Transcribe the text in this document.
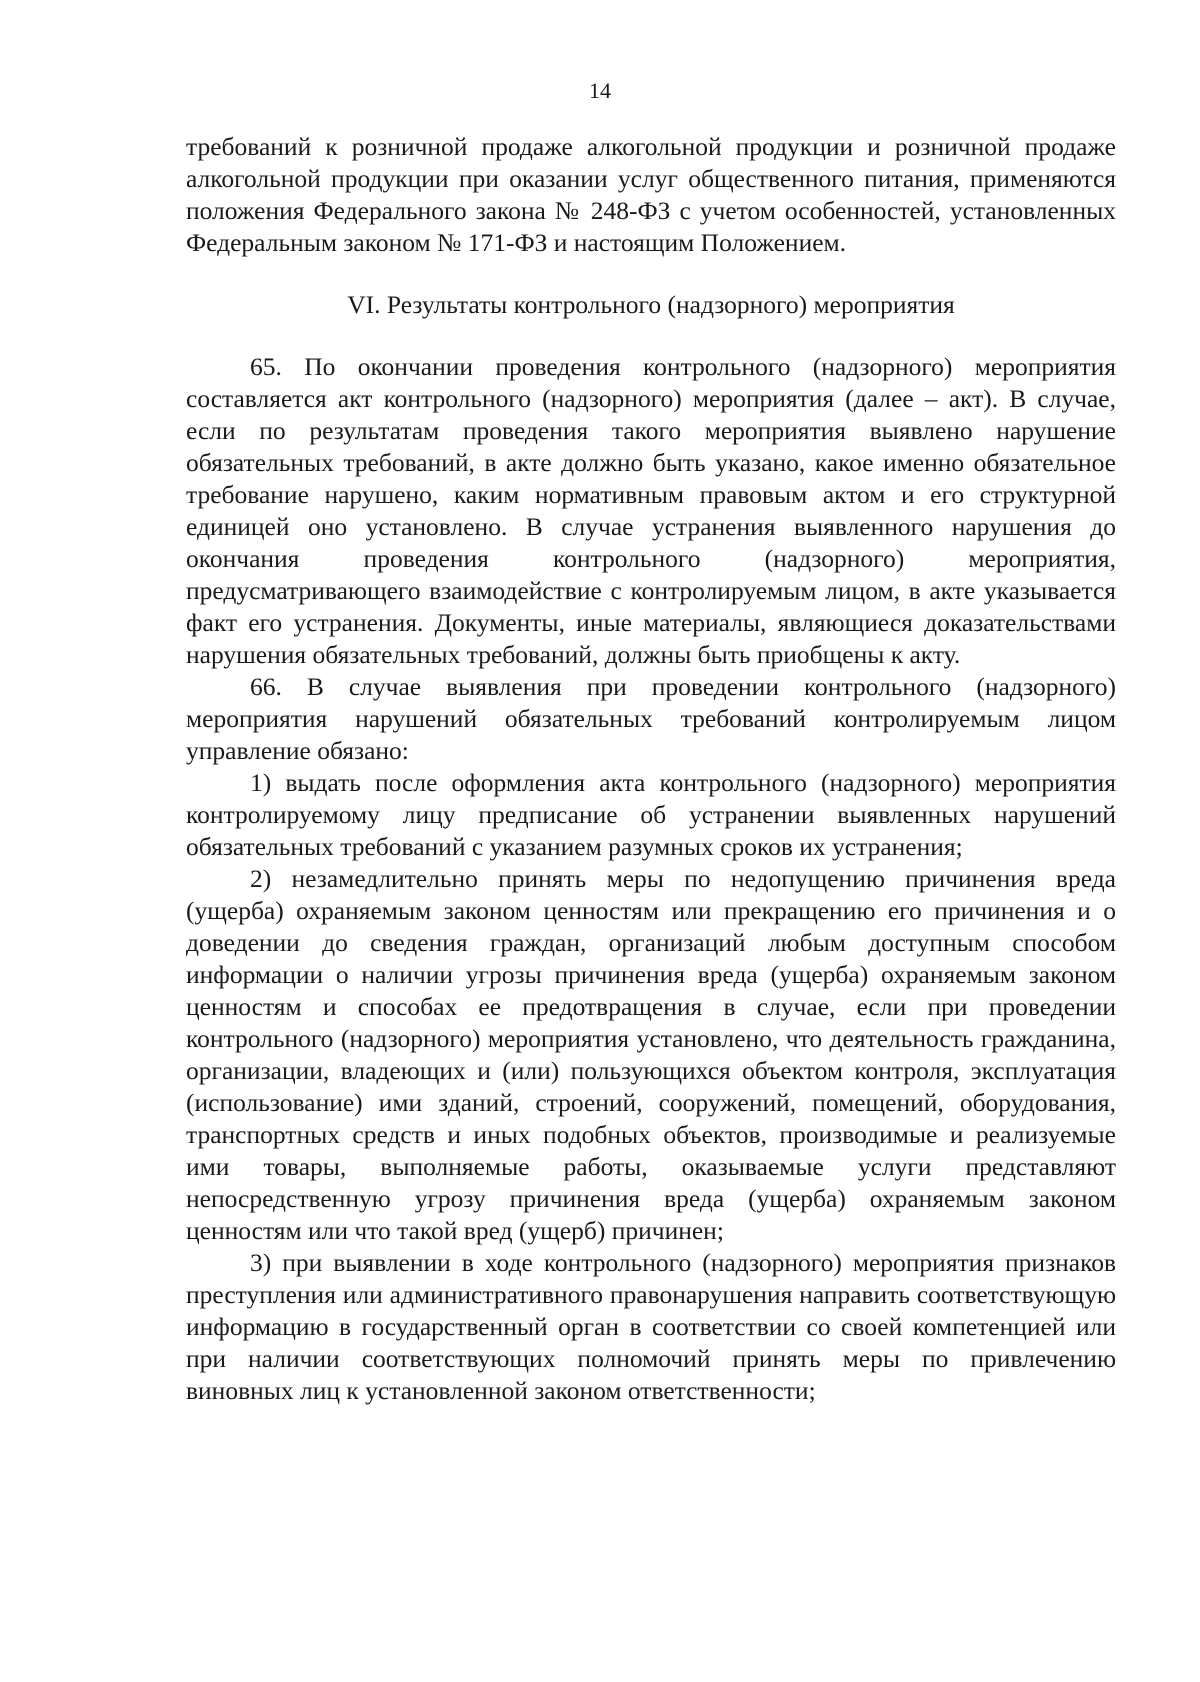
14

требований к розничной продаже алкогольной продукции и розничной продаже алкогольной продукции при оказании услуг общественного питания, применяются положения Федерального закона № 248-ФЗ с учетом особенностей, установленных Федеральным законом № 171-ФЗ и настоящим Положением.

VI. Результаты контрольного (надзорного) мероприятия

65. По окончании проведения контрольного (надзорного) мероприятия составляется акт контрольного (надзорного) мероприятия (далее – акт). В случае, если по результатам проведения такого мероприятия выявлено нарушение обязательных требований, в акте должно быть указано, какое именно обязательное требование нарушено, каким нормативным правовым актом и его структурной единицей оно установлено. В случае устранения выявленного нарушения до окончания проведения контрольного (надзорного) мероприятия, предусматривающего взаимодействие с контролируемым лицом, в акте указывается факт его устранения. Документы, иные материалы, являющиеся доказательствами нарушения обязательных требований, должны быть приобщены к акту.

66. В случае выявления при проведении контрольного (надзорного) мероприятия нарушений обязательных требований контролируемым лицом управление обязано:

1) выдать после оформления акта контрольного (надзорного) мероприятия контролируемому лицу предписание об устранении выявленных нарушений обязательных требований с указанием разумных сроков их устранения;

2) незамедлительно принять меры по недопущению причинения вреда (ущерба) охраняемым законом ценностям или прекращению его причинения и о доведении до сведения граждан, организаций любым доступным способом информации о наличии угрозы причинения вреда (ущерба) охраняемым законом ценностям и способах ее предотвращения в случае, если при проведении контрольного (надзорного) мероприятия установлено, что деятельность гражданина, организации, владеющих и (или) пользующихся объектом контроля, эксплуатация (использование) ими зданий, строений, сооружений, помещений, оборудования, транспортных средств и иных подобных объектов, производимые и реализуемые ими товары, выполняемые работы, оказываемые услуги представляют непосредственную угрозу причинения вреда (ущерба) охраняемым законом ценностям или что такой вред (ущерб) причинен;

3) при выявлении в ходе контрольного (надзорного) мероприятия признаков преступления или административного правонарушения направить соответствующую информацию в государственный орган в соответствии со своей компетенцией или при наличии соответствующих полномочий принять меры по привлечению виновных лиц к установленной законом ответственности;
